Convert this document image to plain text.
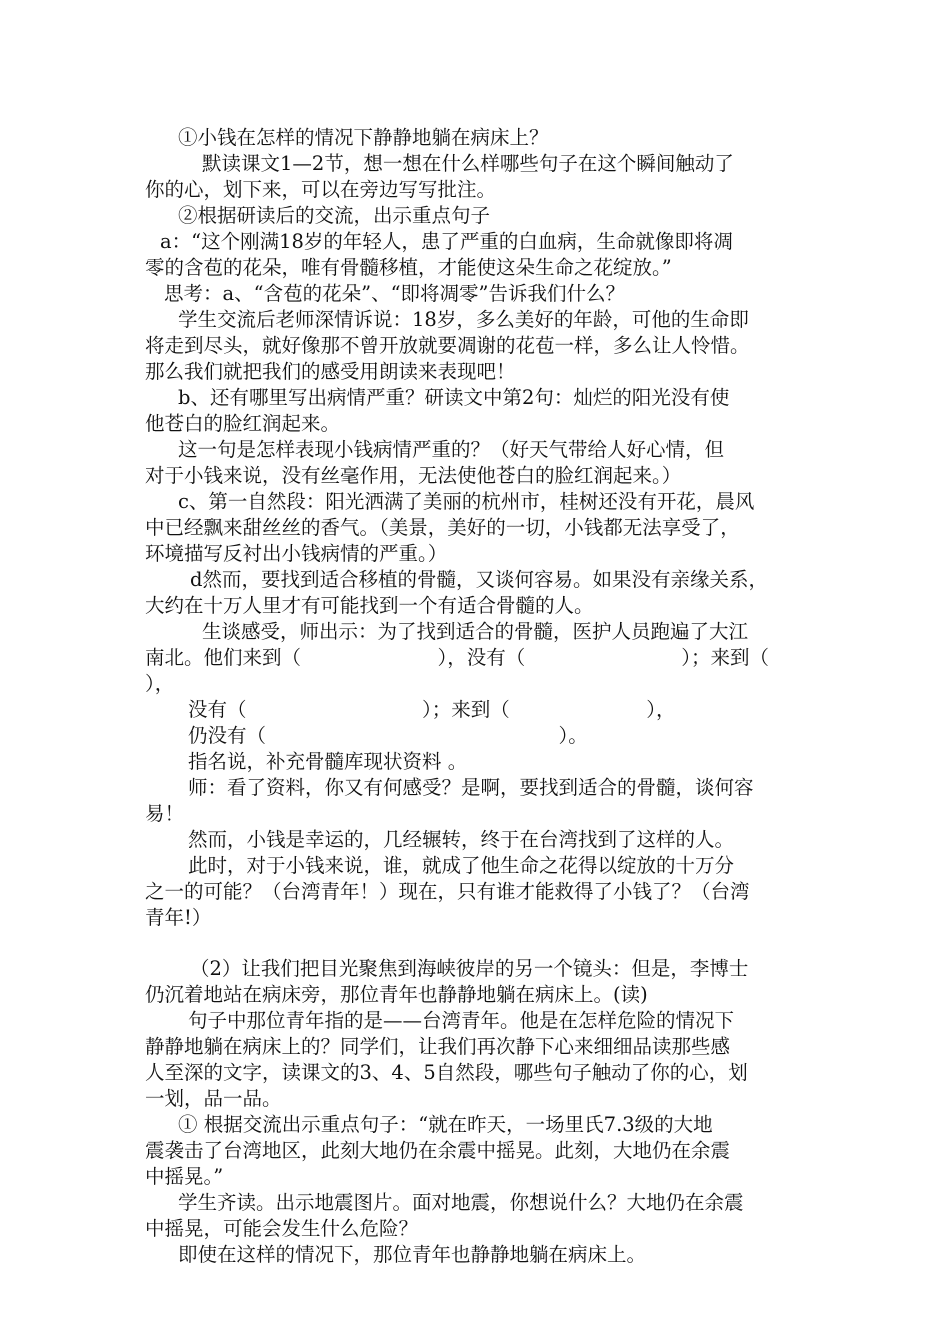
①小钱在怎样的情况下静静地躺在病床上？
默读课文1—2节，想一想在什么样哪些句子在这个瞬间触动了
你的心，划下来，可以在旁边写写批注。
②根据研读后的交流，出示重点句子
a：“这个刚满18岁的年轻人，患了严重的白血病，生命就像即将凋
零的含苞的花朵，唯有骨髓移植，才能使这朵生命之花绽放。”
思考：a、“含苞的花朵”、“即将凋零”告诉我们什么？
学生交流后老师深情诉说：18岁，多么美好的年龄，可他的生命即
将走到尽头，就好像那不曾开放就要凋谢的花苞一样，多么让人怜惜。
那么我们就把我们的感受用朗读来表现吧！
b、还有哪里写出病情严重？研读文中第2句：灿烂的阳光没有使
他苍白的脸红润起来。
这一句是怎样表现小钱病情严重的？（好天气带给人好心情，但
对于小钱来说，没有丝毫作用，无法使他苍白的脸红润起来。）
c、第一自然段：阳光洒满了美丽的杭州市，桂树还没有开花，晨风
中已经飘来甜丝丝的香气。（美景，美好的一切，小钱都无法享受了，
环境描写反衬出小钱病情的严重。）
d然而，要找到适合移植的骨髓，又谈何容易。如果没有亲缘关系，
大约在十万人里才有可能找到一个有适合骨髓的人。
生谈感受，师出示：为了找到适合的骨髓，医护人员跑遍了大江
南北。他们来到（　　　　　　　），没有（　　　　　　　　）；来到（
），
没有（　　　　　　　　　）；来到（　　　　　　　），
仍没有（　　　　　　　　　　　　　　　）。
指名说，补充骨髓库现状资料 。
师：看了资料，你又有何感受？是啊，要找到适合的骨髓，谈何容
易！
然而，小钱是幸运的，几经辗转，终于在台湾找到了这样的人。
此时，对于小钱来说，谁，就成了他生命之花得以绽放的十万分
之一的可能？（台湾青年！）现在，只有谁才能救得了小钱了？（台湾
青年!）
（2）让我们把目光聚焦到海峡彼岸的另一个镜头：但是，李博士
仍沉着地站在病床旁，那位青年也静静地躺在病床上。(读)
句子中那位青年指的是——台湾青年。他是在怎样危险的情况下
静静地躺在病床上的？同学们，让我们再次静下心来细细品读那些感
人至深的文字，读课文的3、4、5自然段，哪些句子触动了你的心，划
一划，品一品。
① 根据交流出示重点句子：“就在昨天，一场里氏7.3级的大地
震袭击了台湾地区，此刻大地仍在余震中摇晃。此刻，大地仍在余震
中摇晃。”
学生齐读。出示地震图片。面对地震，你想说什么？大地仍在余震
中摇晃，可能会发生什么危险？
即使在这样的情况下，那位青年也静静地躺在病床上。
